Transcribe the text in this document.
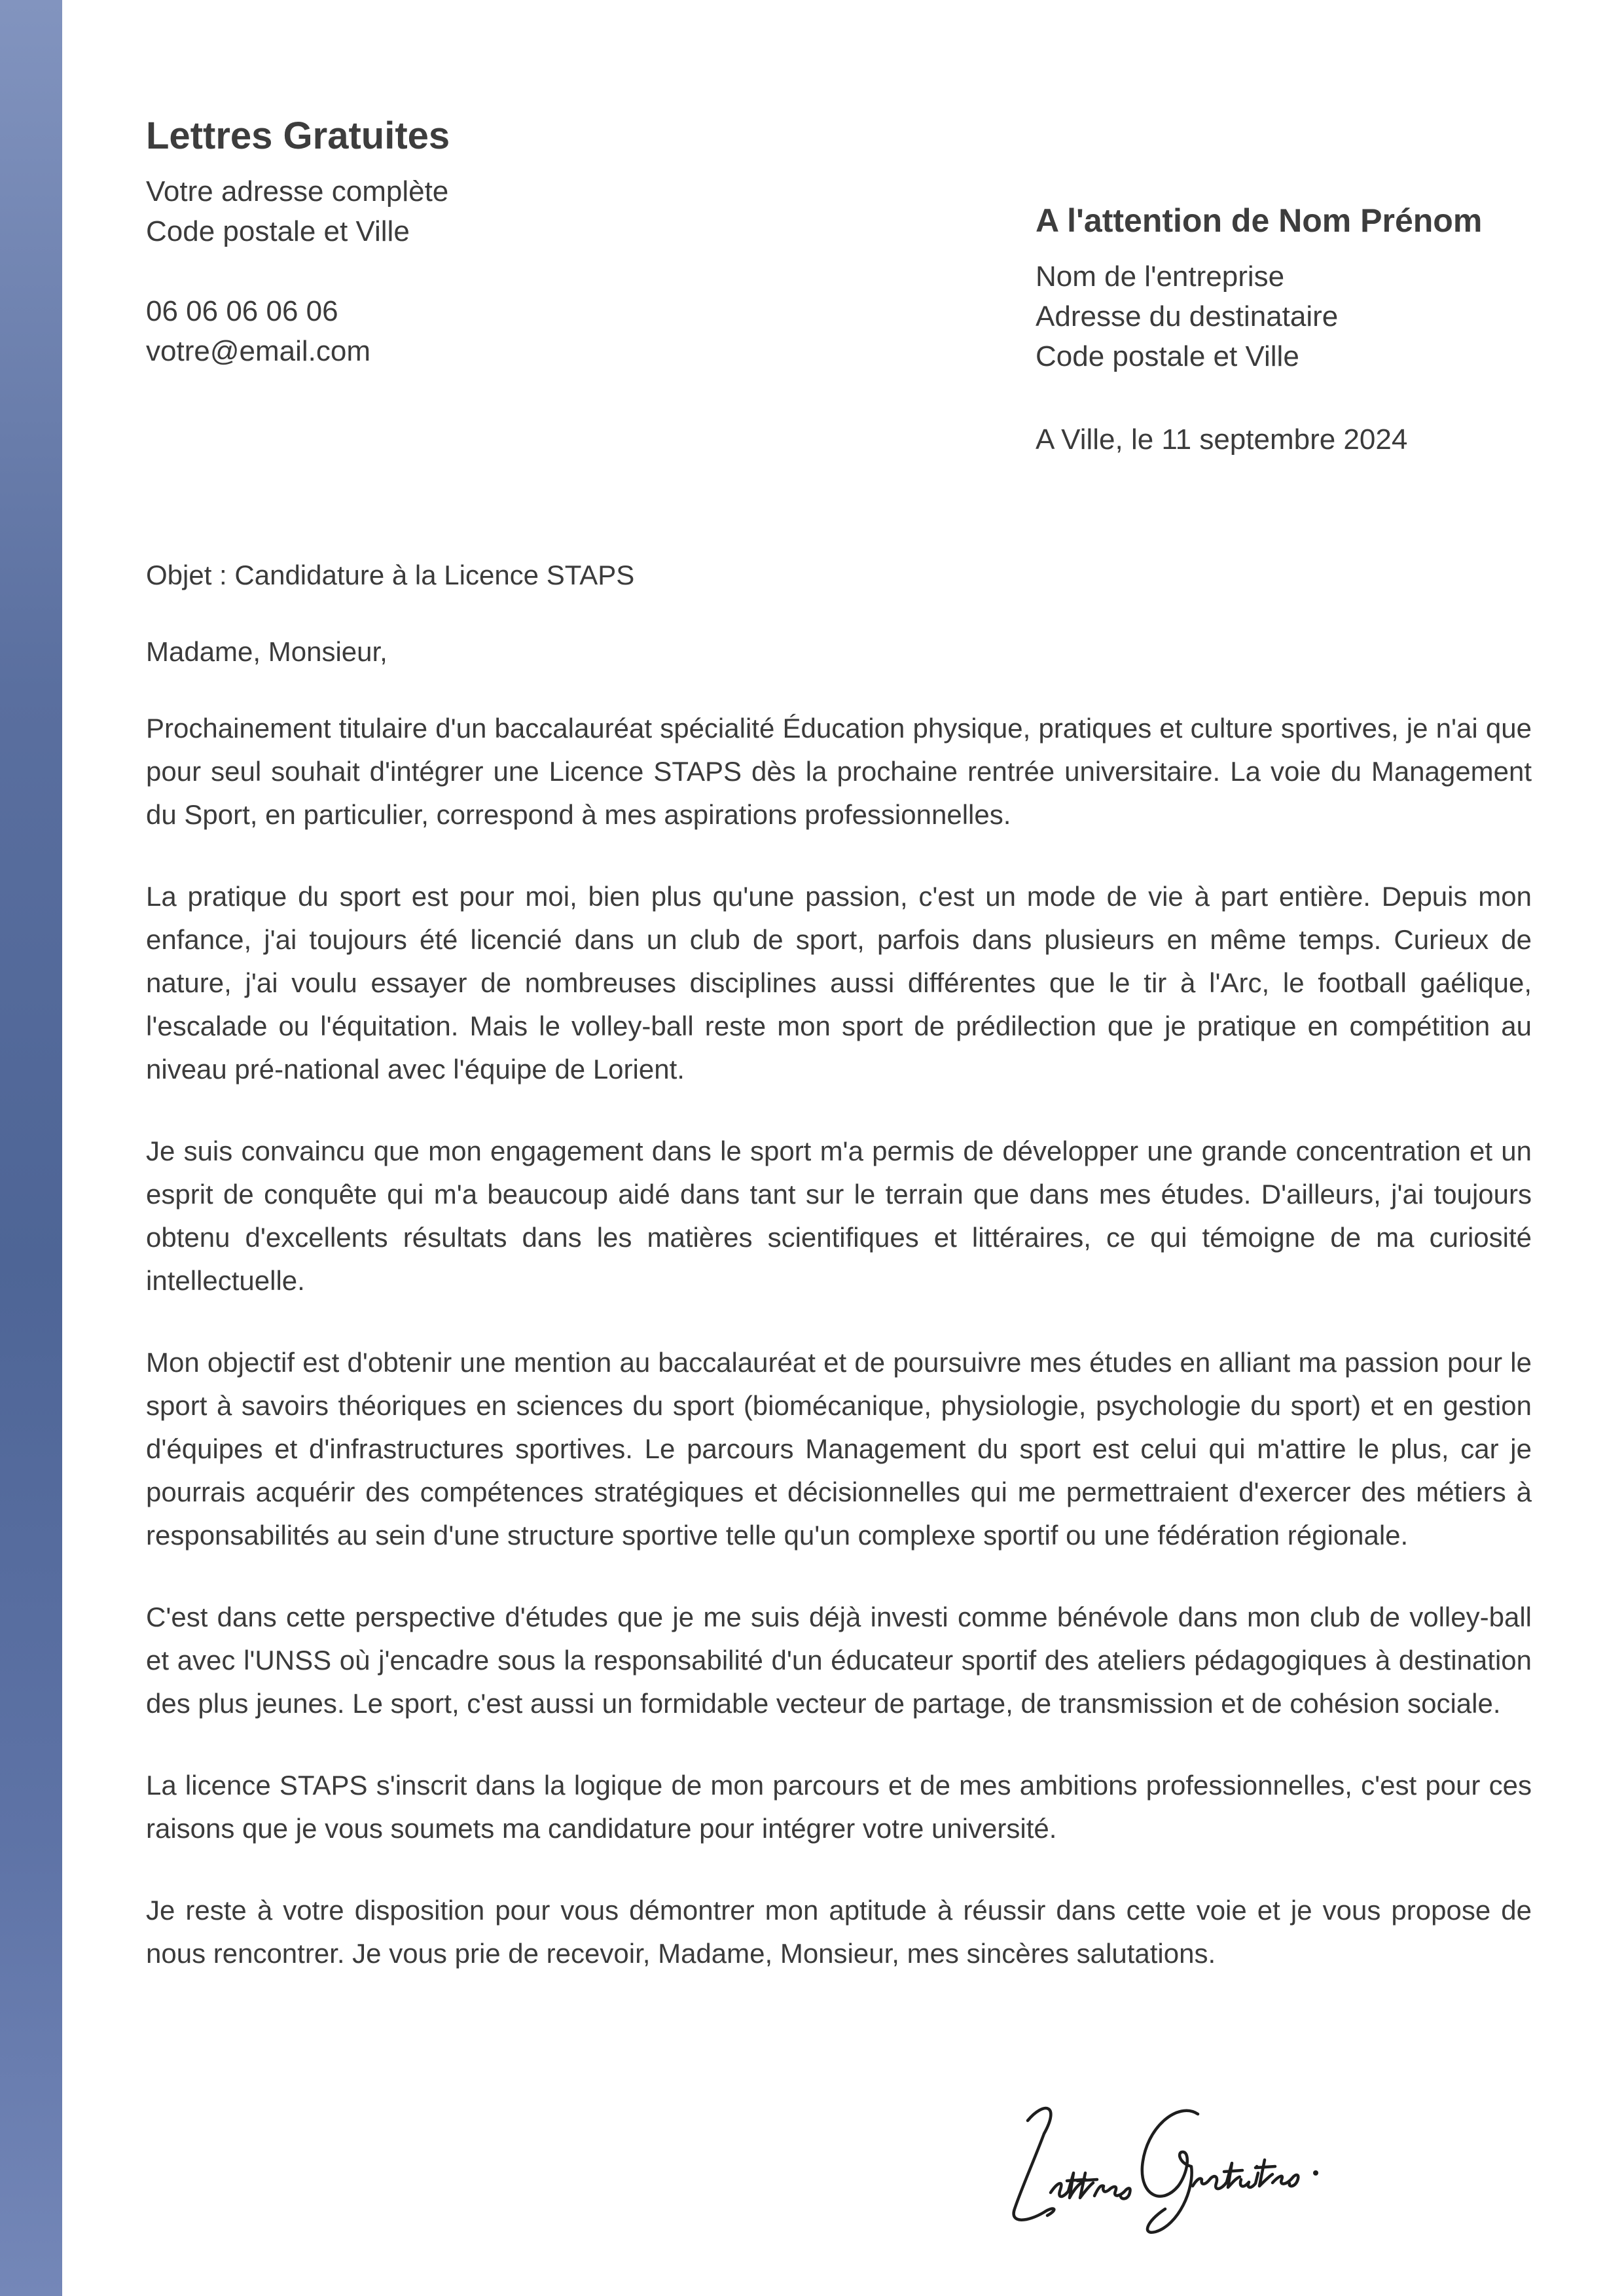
Lettres Gratuites
Votre adresse complète
Code postale et Ville
06 06 06 06 06
votre@email.com
A l'attention de Nom Prénom
Nom de l'entreprise
Adresse du destinataire
Code postale et Ville
A Ville, le 11 septembre 2024

Objet : Candidature à la Licence STAPS

Madame, Monsieur,

Prochainement titulaire d'un baccalauréat spécialité Éducation physique, pratiques et culture sportives, je n'ai que pour seul souhait d'intégrer une Licence STAPS dès la prochaine rentrée universitaire. La voie du Management du Sport, en particulier, correspond à mes aspirations professionnelles.

La pratique du sport est pour moi, bien plus qu'une passion, c'est un mode de vie à part entière. Depuis mon enfance, j'ai toujours été licencié dans un club de sport, parfois dans plusieurs en même temps. Curieux de nature, j'ai voulu essayer de nombreuses disciplines aussi différentes que le tir à l'Arc, le football gaélique, l'escalade ou l'équitation. Mais le volley-ball reste mon sport de prédilection que je pratique en compétition au niveau pré-national avec l'équipe de Lorient.

Je suis convaincu que mon engagement dans le sport m'a permis de développer une grande concentration et un esprit de conquête qui m'a beaucoup aidé dans tant sur le terrain que dans mes études. D'ailleurs, j'ai toujours obtenu d'excellents résultats dans les matières scientifiques et littéraires, ce qui témoigne de ma curiosité intellectuelle.

Mon objectif est d'obtenir une mention au baccalauréat et de poursuivre mes études en alliant ma passion pour le sport à savoirs théoriques en sciences du sport (biomécanique, physiologie, psychologie du sport) et en gestion d'équipes et d'infrastructures sportives. Le parcours Management du sport est celui qui m'attire le plus, car je pourrais acquérir des compétences stratégiques et décisionnelles qui me permettraient d'exercer des métiers à responsabilités au sein d'une structure sportive telle qu'un complexe sportif ou une fédération régionale.

C'est dans cette perspective d'études que je me suis déjà investi comme bénévole dans mon club de volley-ball et avec l'UNSS où j'encadre sous la responsabilité d'un éducateur sportif des ateliers pédagogiques à destination des plus jeunes. Le sport, c'est aussi un formidable vecteur de partage, de transmission et de cohésion sociale.

La licence STAPS s'inscrit dans la logique de mon parcours et de mes ambitions professionnelles, c'est pour ces raisons que je vous soumets ma candidature pour intégrer votre université.

Je reste à votre disposition pour vous démontrer mon aptitude à réussir dans cette voie et je vous propose de nous rencontrer. Je vous prie de recevoir, Madame, Monsieur, mes sincères salutations.
